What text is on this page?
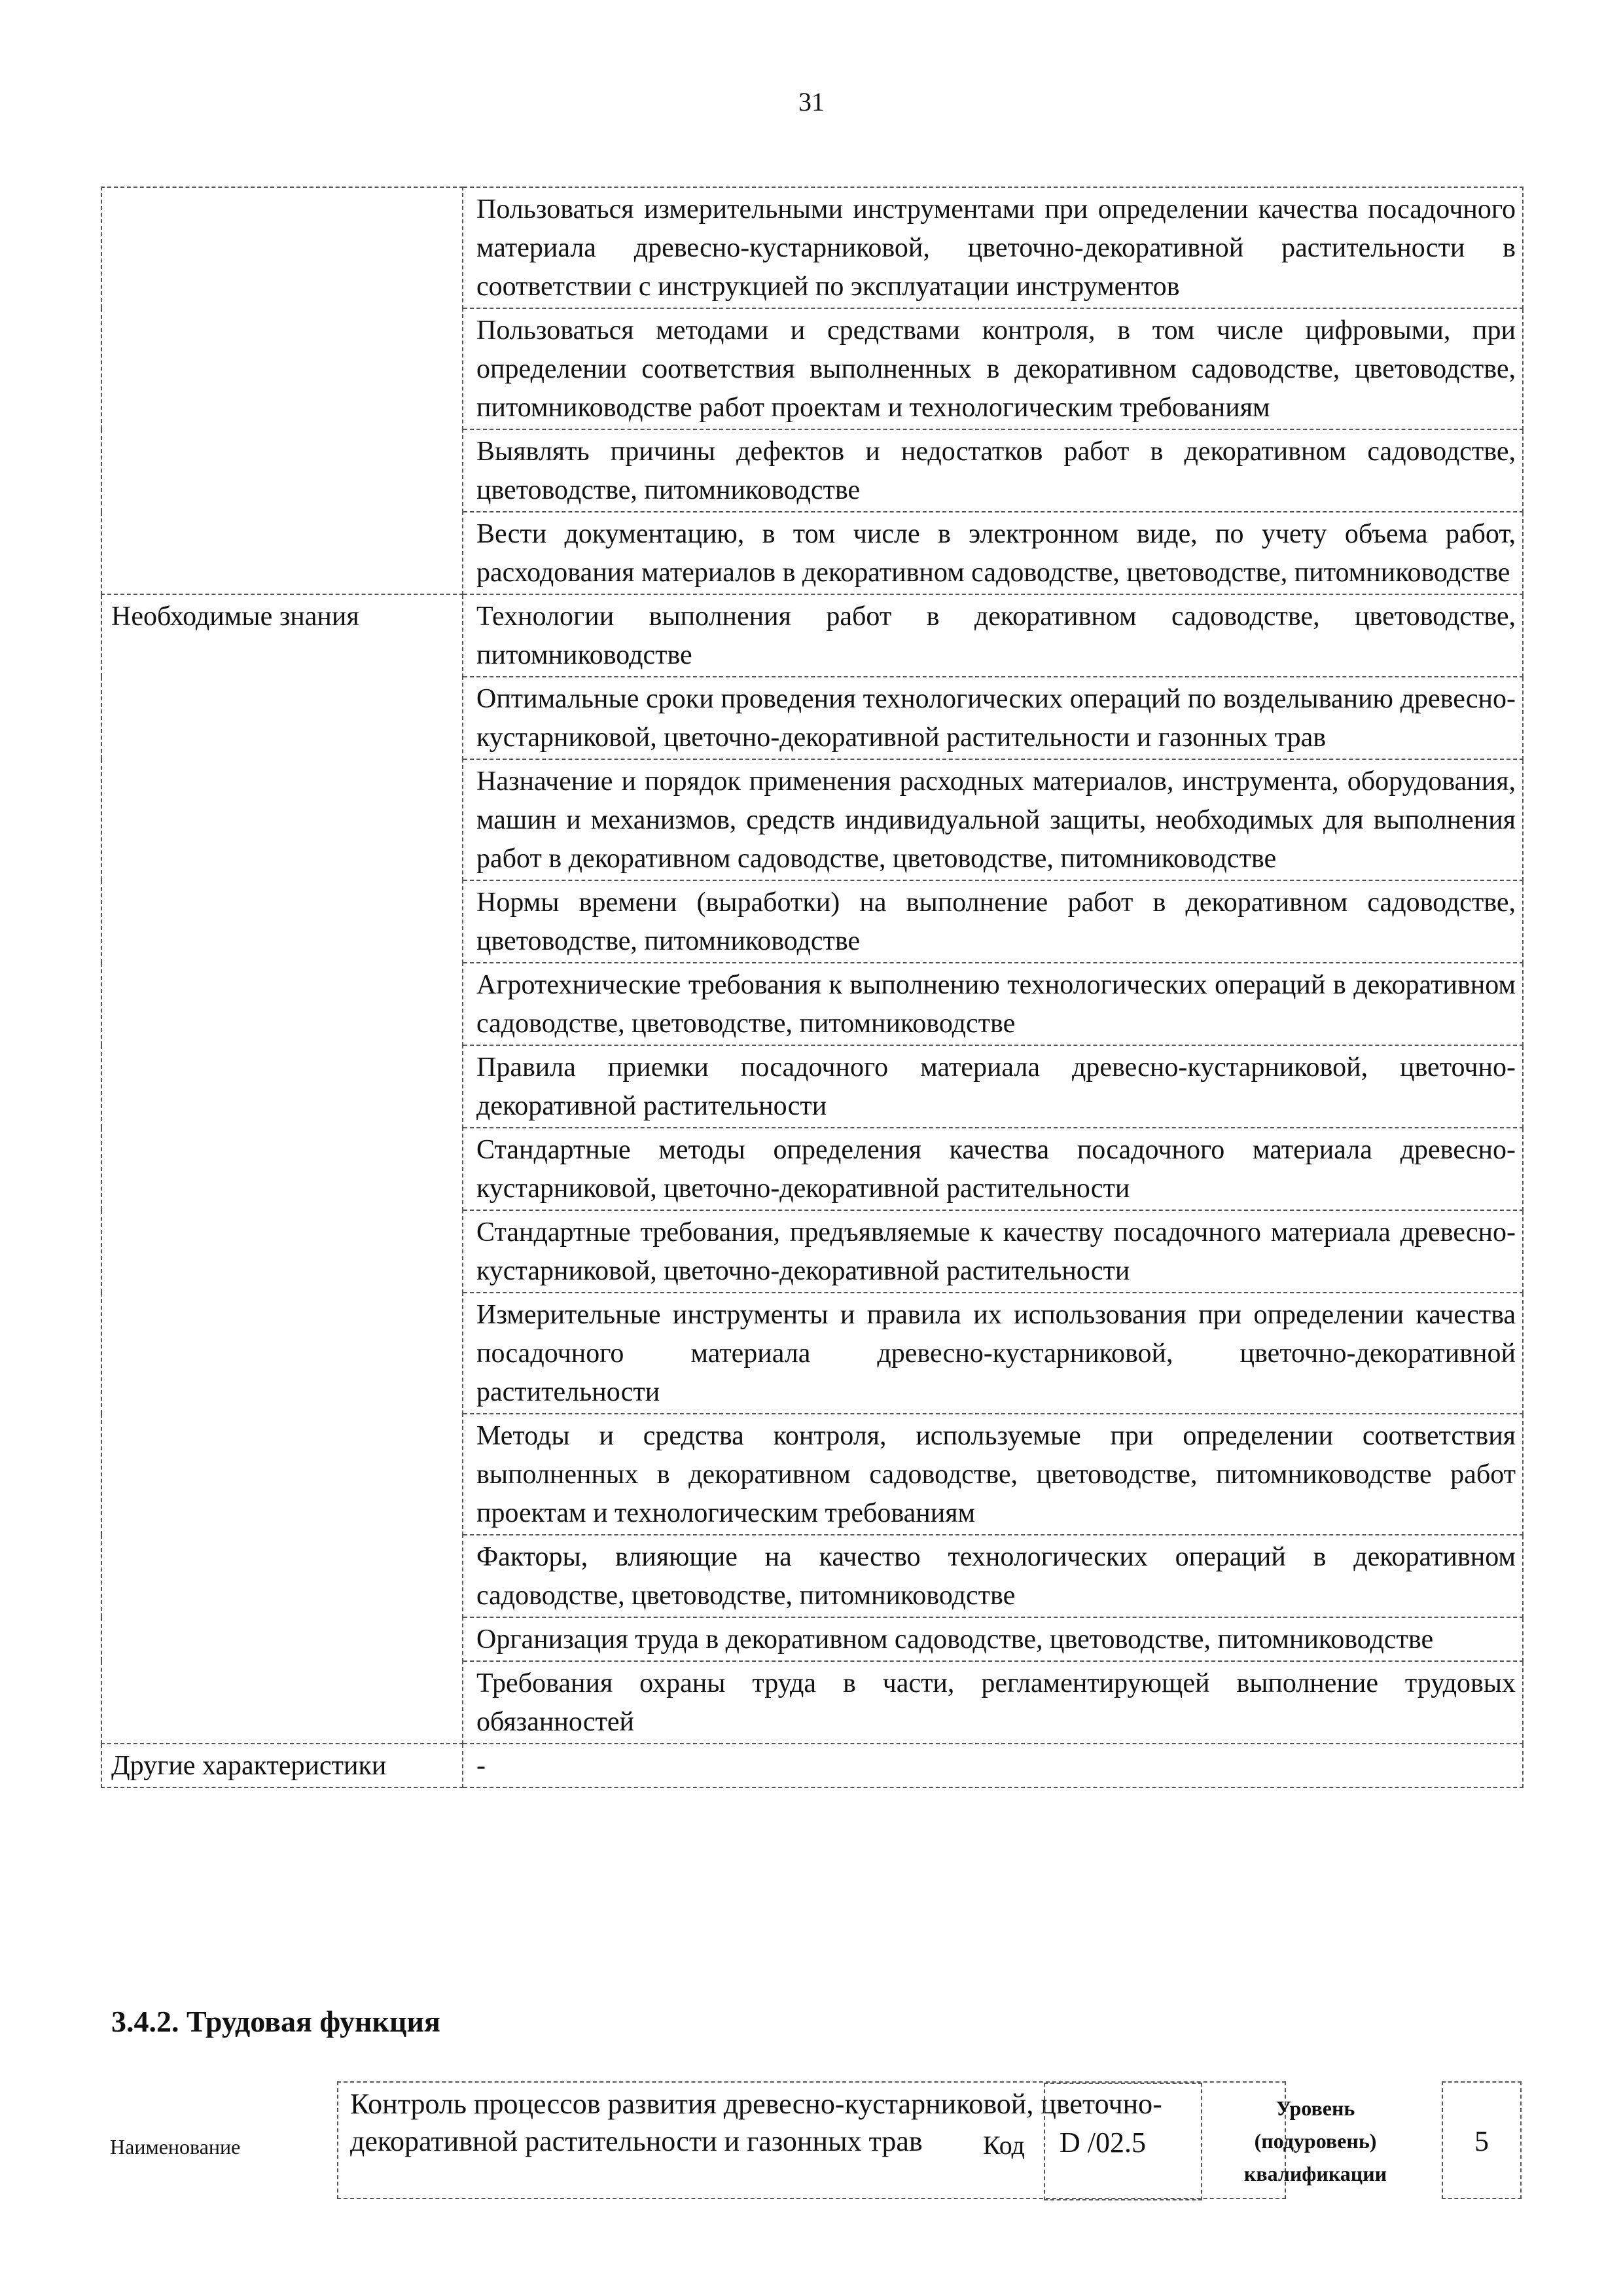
31
	Пользоваться измерительными инструментами при определении качества посадочного материала древесно-кустарниковой, цветочно-декоративной растительности в соответствии с инструкцией по эксплуатации инструментов
	Пользоваться методами и средствами контроля, в том числе цифровыми, при определении соответствия выполненных в декоративном садоводстве, цветоводстве, питомниководстве работ проектам и технологическим требованиям
	Выявлять причины дефектов и недостатков работ в декоративном садоводстве, цветоводстве, питомниководстве
	Вести документацию, в том числе в электронном виде, по учету объема работ, расходования материалов в декоративном садоводстве, цветоводстве, питомниководстве
Необходимые знания	Технологии выполнения работ в декоративном садоводстве, цветоводстве, питомниководстве
	Оптимальные сроки проведения технологических операций по возделыванию древесно-кустарниковой, цветочно-декоративной растительности и газонных трав
	Назначение и порядок применения расходных материалов, инструмента, оборудования, машин и механизмов, средств индивидуальной защиты, необходимых для выполнения работ в декоративном садоводстве, цветоводстве, питомниководстве
	Нормы времени (выработки) на выполнение работ в декоративном садоводстве, цветоводстве, питомниководстве
	Агротехнические требования к выполнению технологических операций в декоративном садоводстве, цветоводстве, питомниководстве
	Правила приемки посадочного материала древесно-кустарниковой, цветочно-декоративной растительности
	Стандартные методы определения качества посадочного материала древесно-кустарниковой, цветочно-декоративной растительности
	Стандартные требования, предъявляемые к качеству посадочного материала древесно-кустарниковой, цветочно-декоративной растительности
	Измерительные инструменты и правила их использования при определении качества посадочного материала древесно-кустарниковой, цветочно-декоративной растительности
	Методы и средства контроля, используемые при определении соответствия выполненных в декоративном садоводстве, цветоводстве, питомниководстве работ проектам и технологическим требованиям
	Факторы, влияющие на качество технологических операций в декоративном садоводстве, цветоводстве, питомниководстве
	Организация труда в декоративном садоводстве, цветоводстве, питомниководстве
	Требования охраны труда в части, регламентирующей выполнение трудовых обязанностей
Другие характеристики	-
3.4.2. Трудовая функция
Наименование
Контроль процессов развития древесно-кустарниковой, цветочно-декоративной растительности и газонных трав	Код	D /02.5
Уровень
(подуровень)
квалификации
5
